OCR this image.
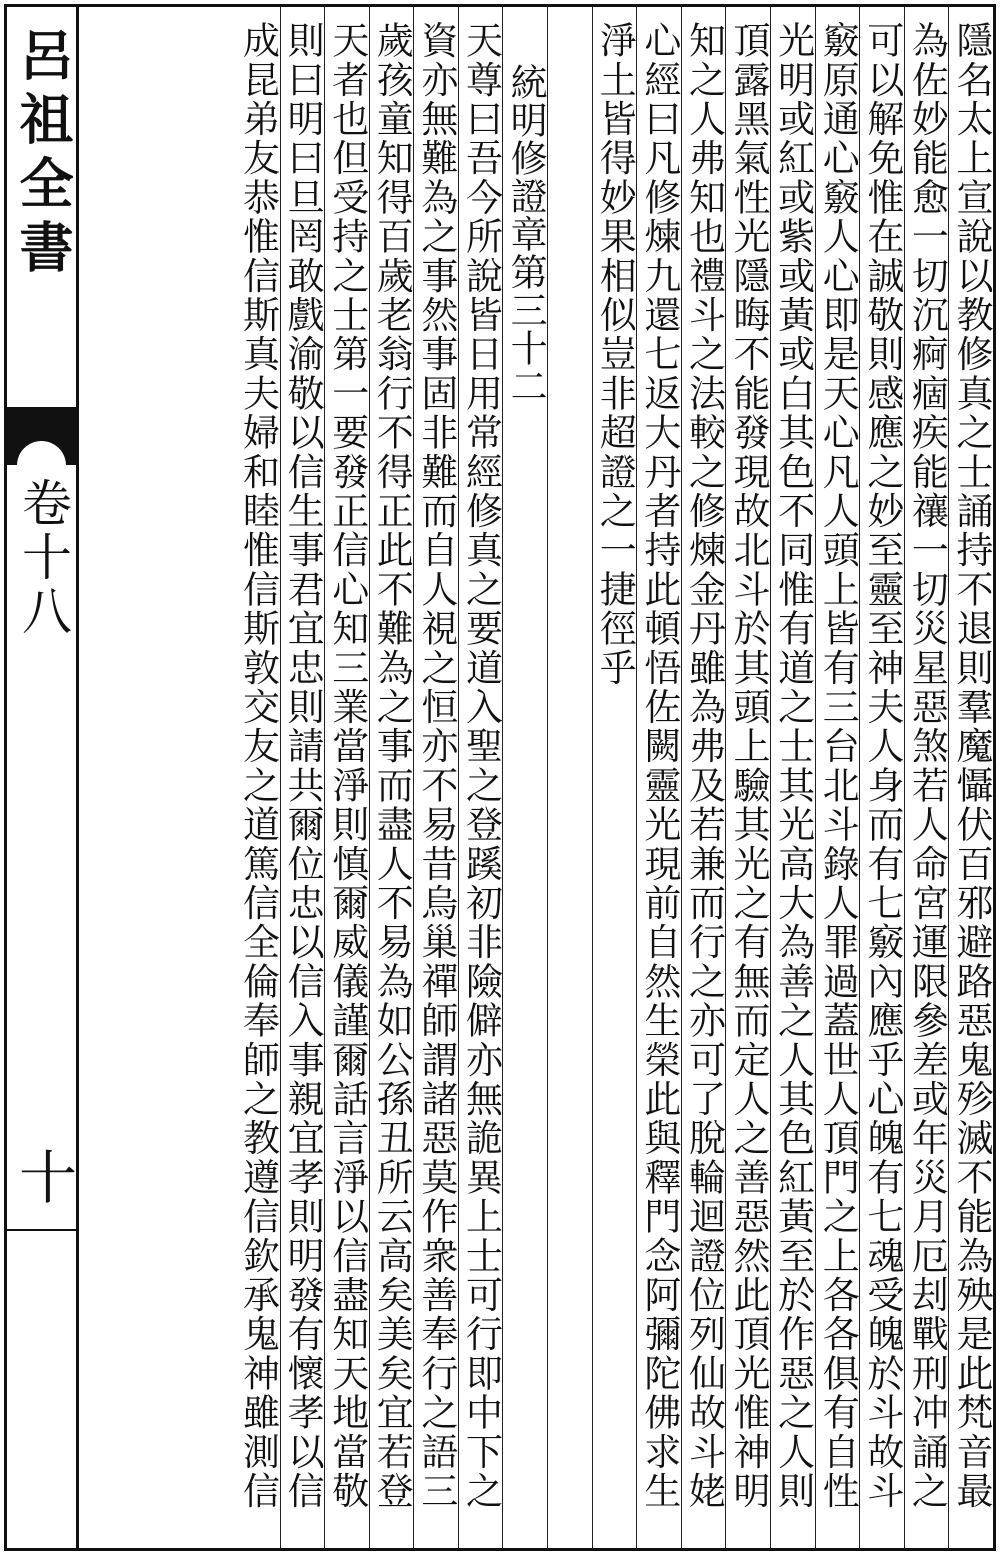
呂祖全書
卷十八
十	隱名太上宣說以教修真之士誦持不退則羣魔懾伏百邪避路惡鬼殄滅不能為殃是此梵音最
為佐妙能愈一切沉痾痼疾能禳一切災星惡煞若人命宮運限參差或年災月厄刦戰刑冲誦之
可以解免惟在誠敬則感應之妙至靈至神夫人身而有七竅內應乎心魄有七魂受魄於斗故斗
竅原通心竅人心即是天心凡人頭上皆有三台北斗錄人罪過蓋世人頂門之上各各俱有自性
光明或紅或紫或黃或白其色不同惟有道之士其光高大為善之人其色紅黃至於作惡之人則
頂露黑氣性光隱晦不能發現故北斗於其頭上驗其光之有無而定人之善惡然此頂光惟神明
知之人弗知也禮斗之法較之修煉金丹雖為弗及若兼而行之亦可了脫輪迴證位列仙故斗姥
心經曰凡修煉九還七返大丹者持此頓悟佐闕靈光現前自然生榮此與釋門念阿彌陀佛求生
淨土皆得妙果相似豈非超證之一捷徑乎
統明修證章第三十二
天尊曰吾今所說皆日用常經修真之要道入聖之登蹊初非險僻亦無詭異上士可行即中下之
資亦無難為之事然事固非難而自人視之恒亦不易昔烏巢禪師謂諸惡莫作衆善奉行之語三
歲孩童知得百歲老翁行不得正此不難為之事而盡人不易為如公孫丑所云高矣美矣宜若登
天者也但受持之士第一要發正信心知三業當淨則慎爾威儀謹爾話言淨以信盡知天地當敬
則曰明曰旦罔敢戲渝敬以信生事君宜忠則請共爾位忠以信入事親宜孝則明發有懷孝以信
成昆弟友恭惟信斯真夫婦和睦惟信斯敦交友之道篤信全倫奉師之教遵信欽承鬼神雖測信
